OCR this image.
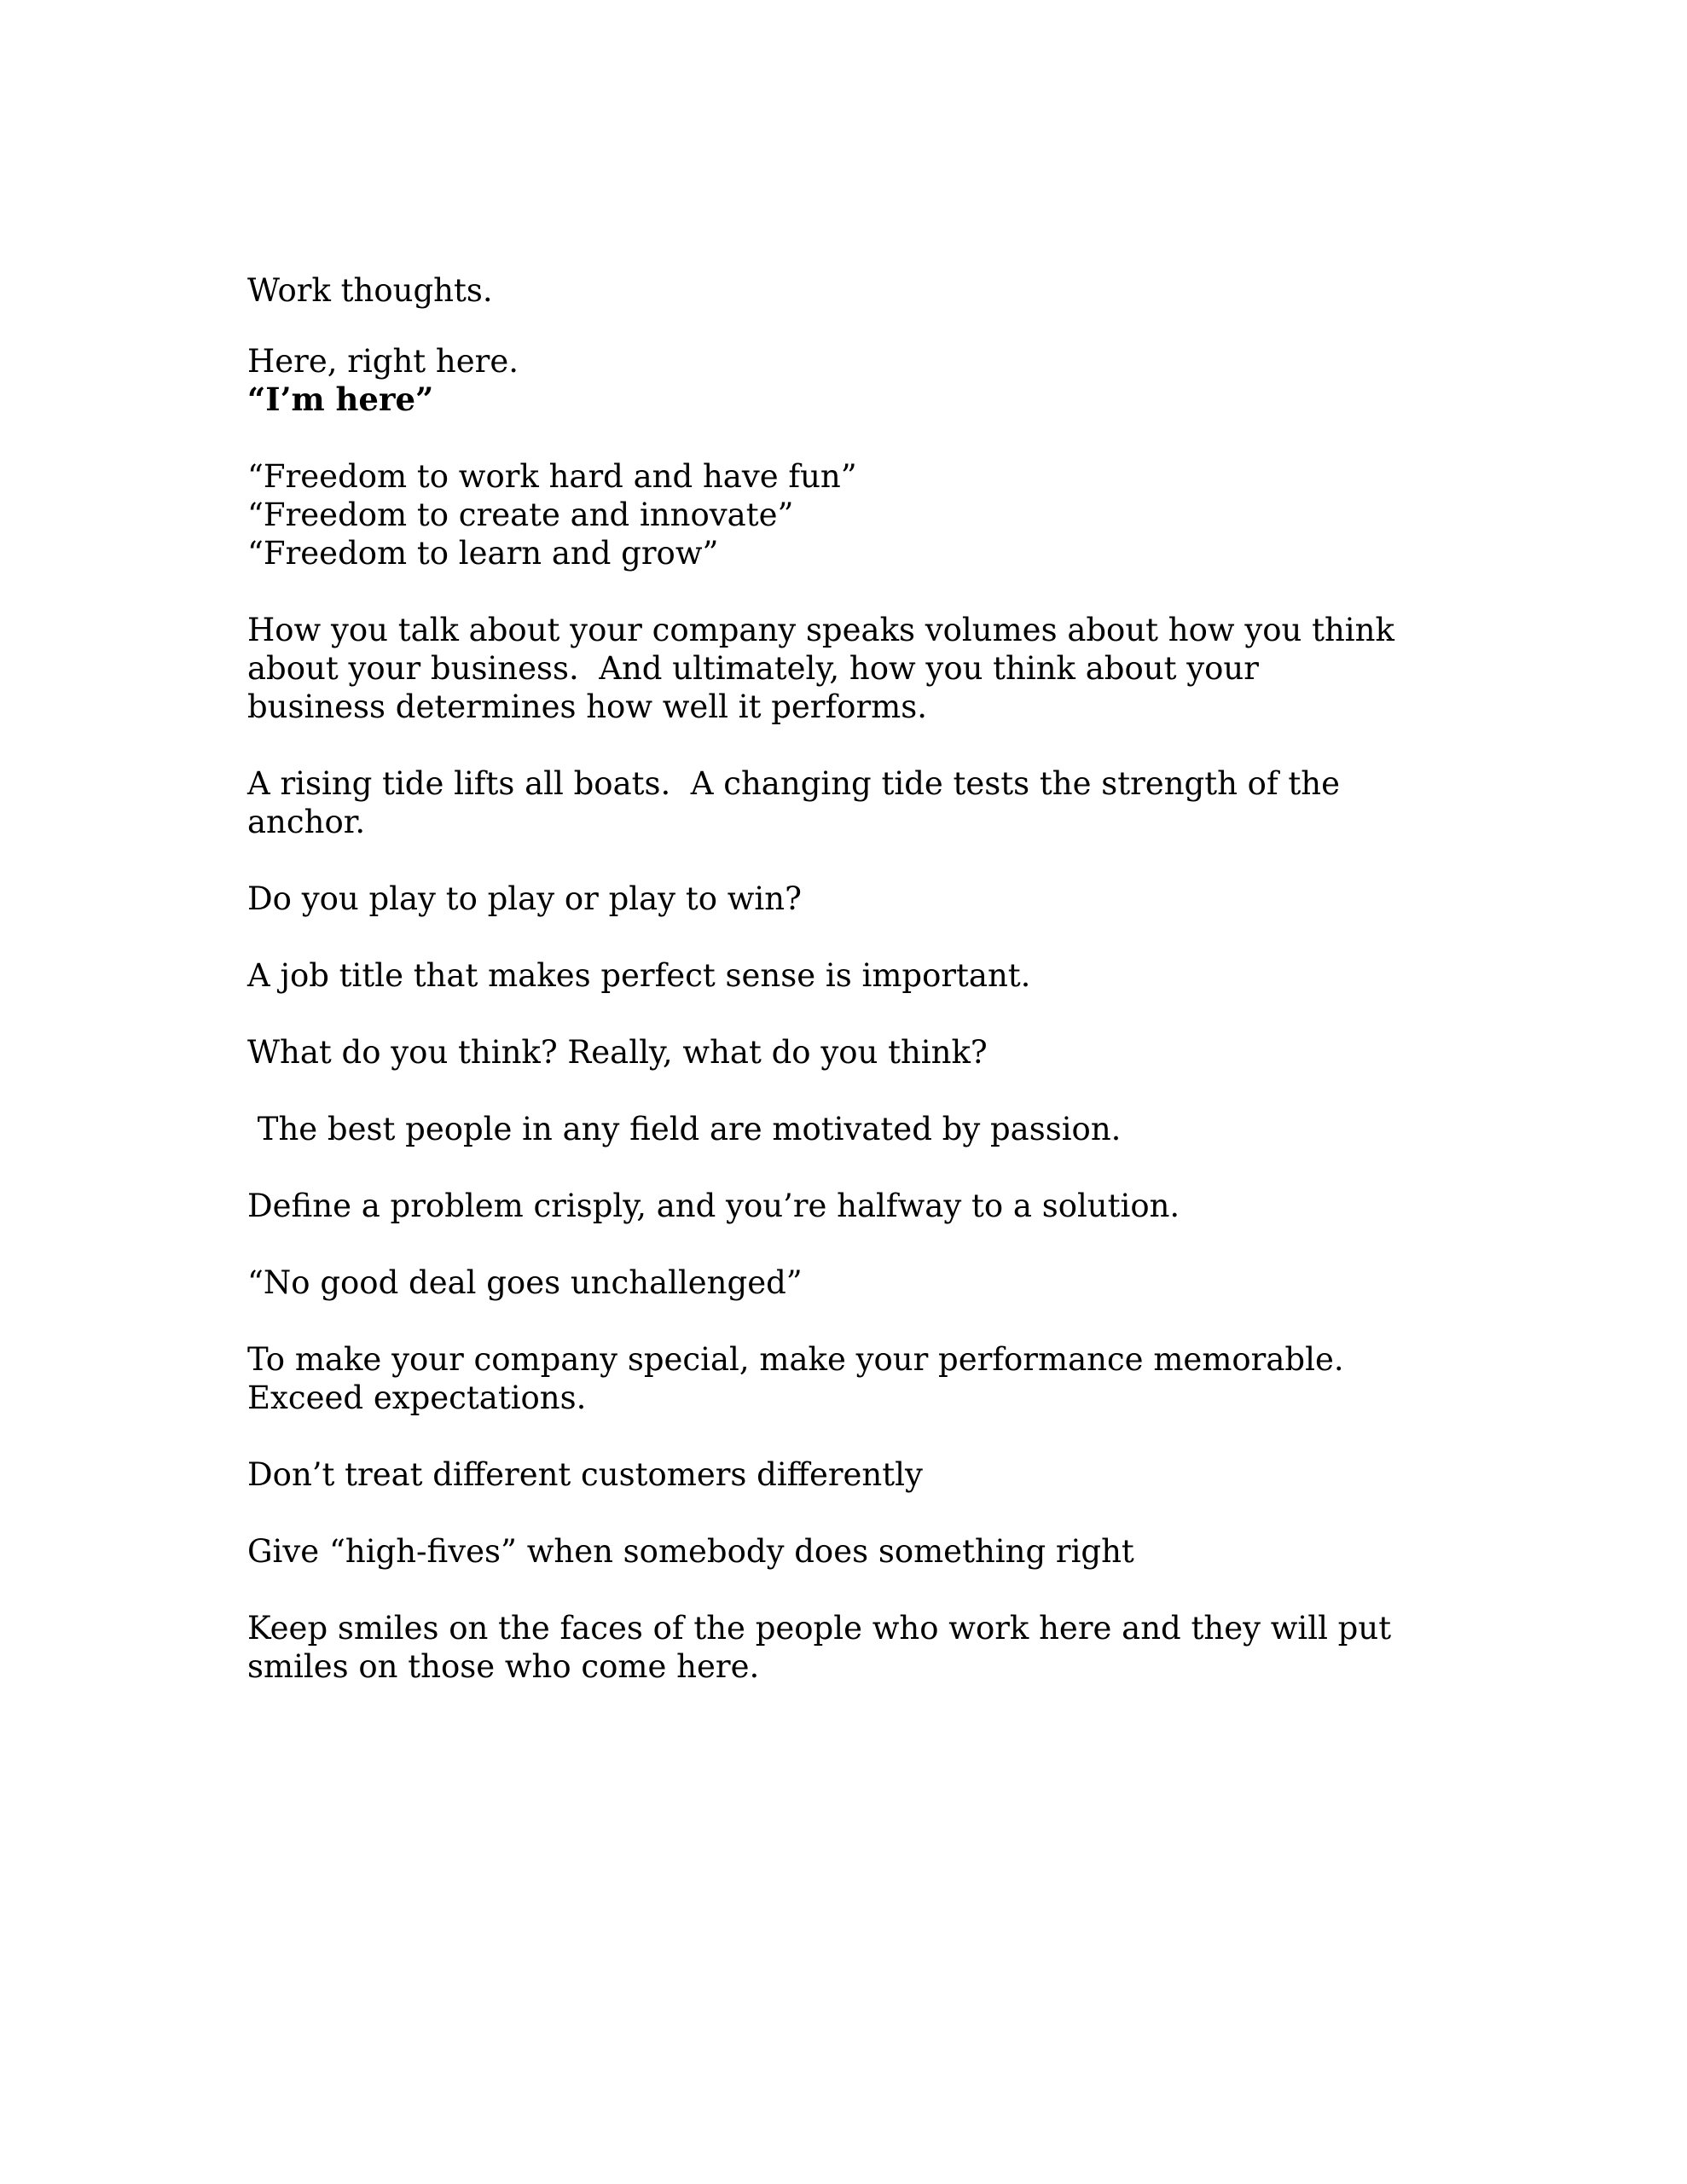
Work thoughts.

Here, right here.

“I’m here”

“Freedom to work hard and have fun”

“Freedom to create and innovate”

“Freedom to learn and grow”

How you talk about your company speaks volumes about how you think

about your business.  And ultimately, how you think about your

business determines how well it performs.

A rising tide lifts all boats.  A changing tide tests the strength of the

anchor.

Do you play to play or play to win?

A job title that makes perfect sense is important.

What do you think? Really, what do you think?

The best people in any field are motivated by passion.

Define a problem crisply, and you’re halfway to a solution.

“No good deal goes unchallenged”

To make your company special, make your performance memorable.

Exceed expectations.

Don’t treat different customers differently

Give “high-fives” when somebody does something right

Keep smiles on the faces of the people who work here and they will put

smiles on those who come here.
